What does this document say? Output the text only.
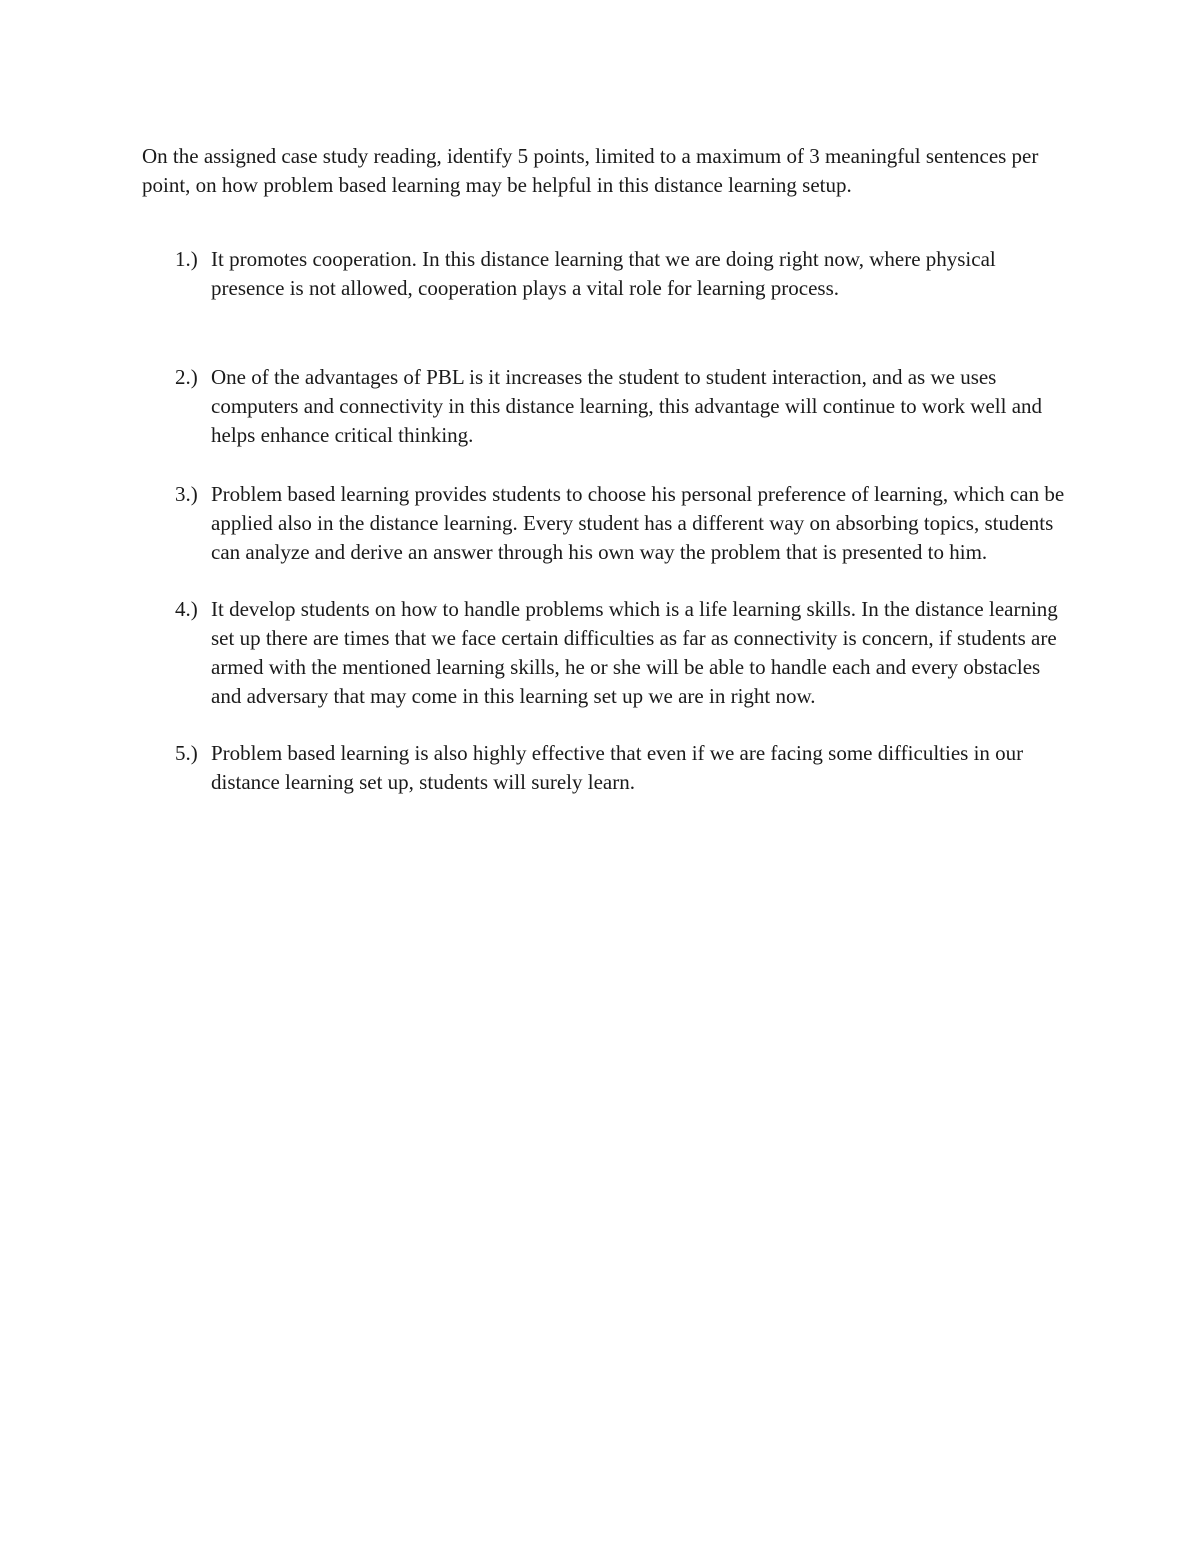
On the assigned case study reading, identify 5 points, limited to a maximum of 3 meaningful sentences per point, on how problem based learning may be helpful in this distance learning setup.

1.) It promotes cooperation. In this distance learning that we are doing right now, where physical presence is not allowed, cooperation plays a vital role for learning process.
2.) One of the advantages of PBL is it increases the student to student interaction, and as we uses computers and connectivity in this distance learning, this advantage will continue to work well and helps enhance critical thinking.
3.) Problem based learning provides students to choose his personal preference of learning, which can be applied also in the distance learning. Every student has a different way on absorbing topics, students can analyze and derive an answer through his own way the problem that is presented to him.
4.) It develop students on how to handle problems which is a life learning skills. In the distance learning set up there are times that we face certain difficulties as far as connectivity is concern, if students are armed with the mentioned learning skills, he or she will be able to handle each and every obstacles and adversary that may come in this learning set up we are in right now.
5.) Problem based learning is also highly effective that even if we are facing some difficulties in our distance learning set up, students will surely learn.
